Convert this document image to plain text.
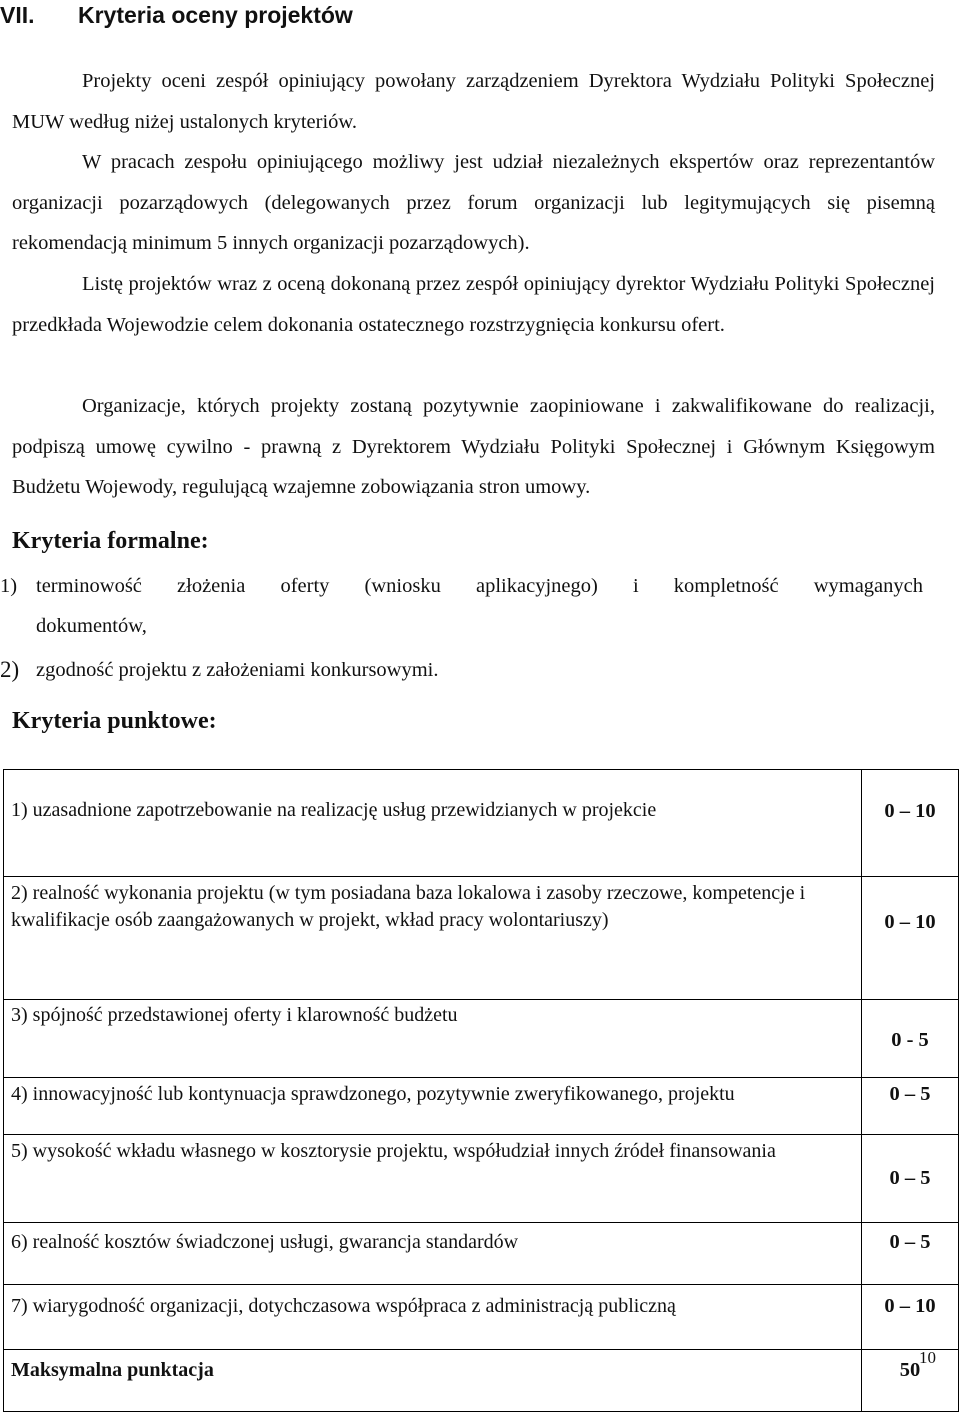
VII. Kryteria oceny projektów

Projekty oceni zespół opiniujący powołany zarządzeniem Dyrektora Wydziału Polityki Społecznej MUW według niżej ustalonych kryteriów.

W pracach zespołu opiniującego możliwy jest udział niezależnych ekspertów oraz reprezentantów organizacji pozarządowych (delegowanych przez forum organizacji lub legitymujących się pisemną rekomendacją minimum 5 innych organizacji pozarządowych).

Listę projektów wraz z oceną dokonaną przez zespół opiniujący dyrektor Wydziału Polityki Społecznej przedkłada Wojewodzie celem dokonania ostatecznego rozstrzygnięcia konkursu ofert.

Organizacje, których projekty zostaną pozytywnie zaopiniowane i zakwalifikowane do realizacji, podpiszą umowę cywilno - prawną z Dyrektorem Wydziału Polityki Społecznej i Głównym Księgowym Budżetu Wojewody, regulującą wzajemne zobowiązania stron umowy.

Kryteria formalne:
1) terminowość złożenia oferty (wniosku aplikacyjnego) i kompletność wymaganych
dokumentów,
2) zgodność projektu z założeniami konkursowymi.
Kryteria punktowe:
1) uzasadnione zapotrzebowanie na realizację usług przewidzianych w projekcie	0 – 10
2) realność wykonania projektu (w tym posiadana baza lokalowa i zasoby rzeczowe, kompetencje i kwalifikacje osób zaangażowanych w projekt, wkład pracy wolontariuszy)	0 – 10

3) spójność przedstawionej oferty i klarowność budżetu	0 - 5

4) innowacyjność lub kontynuacja sprawdzonego, pozytywnie zweryfikowanego, projektu	0 – 5

5) wysokość wkładu własnego w kosztorysie projektu, współudział innych źródeł finansowania	0 – 5

6) realność kosztów świadczonej usługi, gwarancja standardów	0 – 5

7) wiarygodność organizacji, dotychczasowa współpraca z administracją publiczną	0 – 10
Maksymalna punktacja	50
10
